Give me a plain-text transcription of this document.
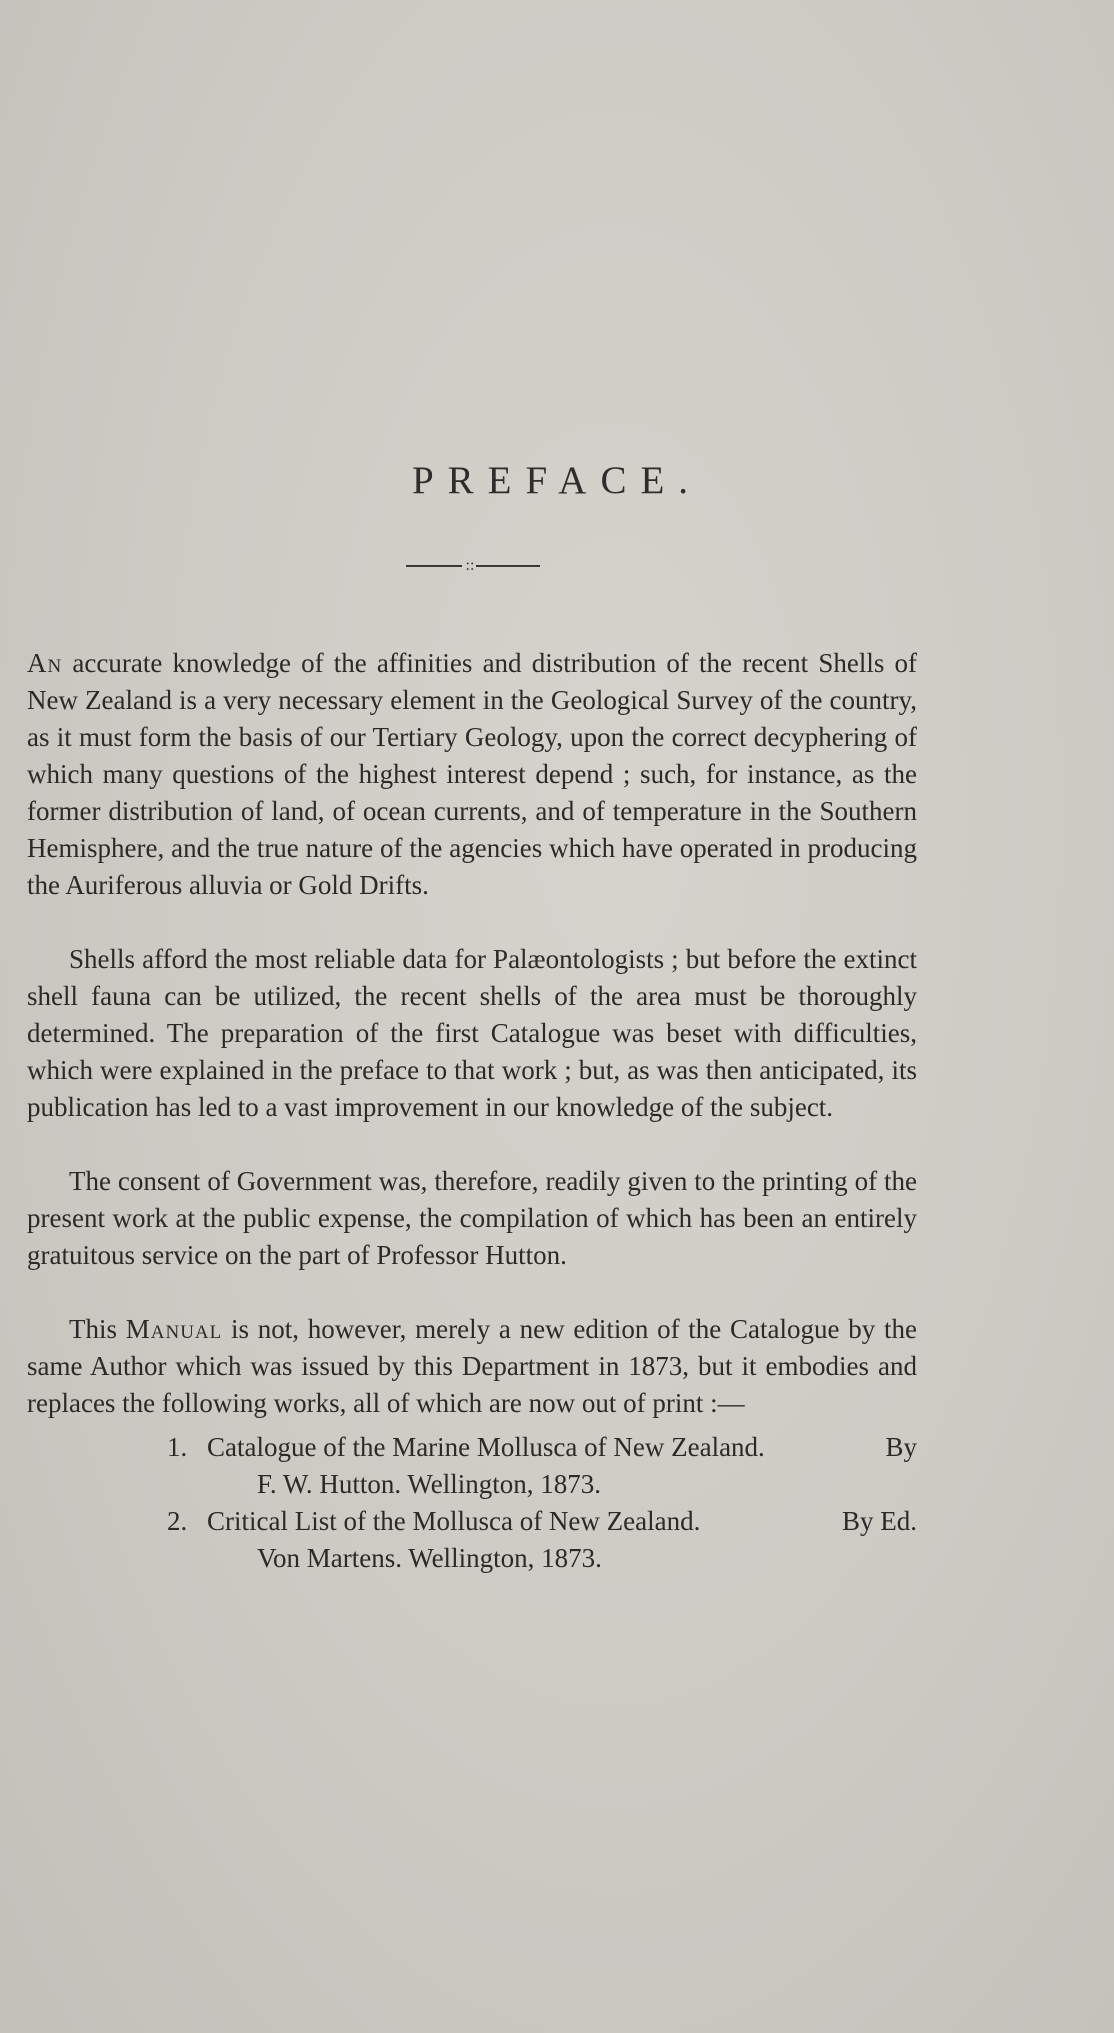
PREFACE.
::

An accurate knowledge of the affinities and distribution of the recent Shells of New Zealand is a very necessary element in the Geological Survey of the country, as it must form the basis of our Tertiary Geology, upon the correct decyphering of which many questions of the highest interest depend ; such, for instance, as the former distribution of land, of ocean currents, and of temperature in the Southern Hemisphere, and the true nature of the agencies which have operated in producing the Auriferous alluvia or Gold Drifts.

Shells afford the most reliable data for Palæontologists ; but before the extinct shell fauna can be utilized, the recent shells of the area must be thoroughly determined. The preparation of the first Catalogue was beset with difficulties, which were explained in the preface to that work ; but, as was then anticipated, its publication has led to a vast improvement in our knowledge of the subject.

The consent of Government was, therefore, readily given to the printing of the present work at the public expense, the compilation of which has been an entirely gratuitous service on the part of Professor Hutton.

This Manual is not, however, merely a new edition of the Catalogue by the same Author which was issued by this Department in 1873, but it embodies and replaces the following works, all of which are now out of print :—

1. Catalogue of the Marine Mollusca of New Zealand.	By
F. W. Hutton. Wellington, 1873.
2. Critical List of the Mollusca of New Zealand.	By Ed.
Von Martens. Wellington, 1873.
